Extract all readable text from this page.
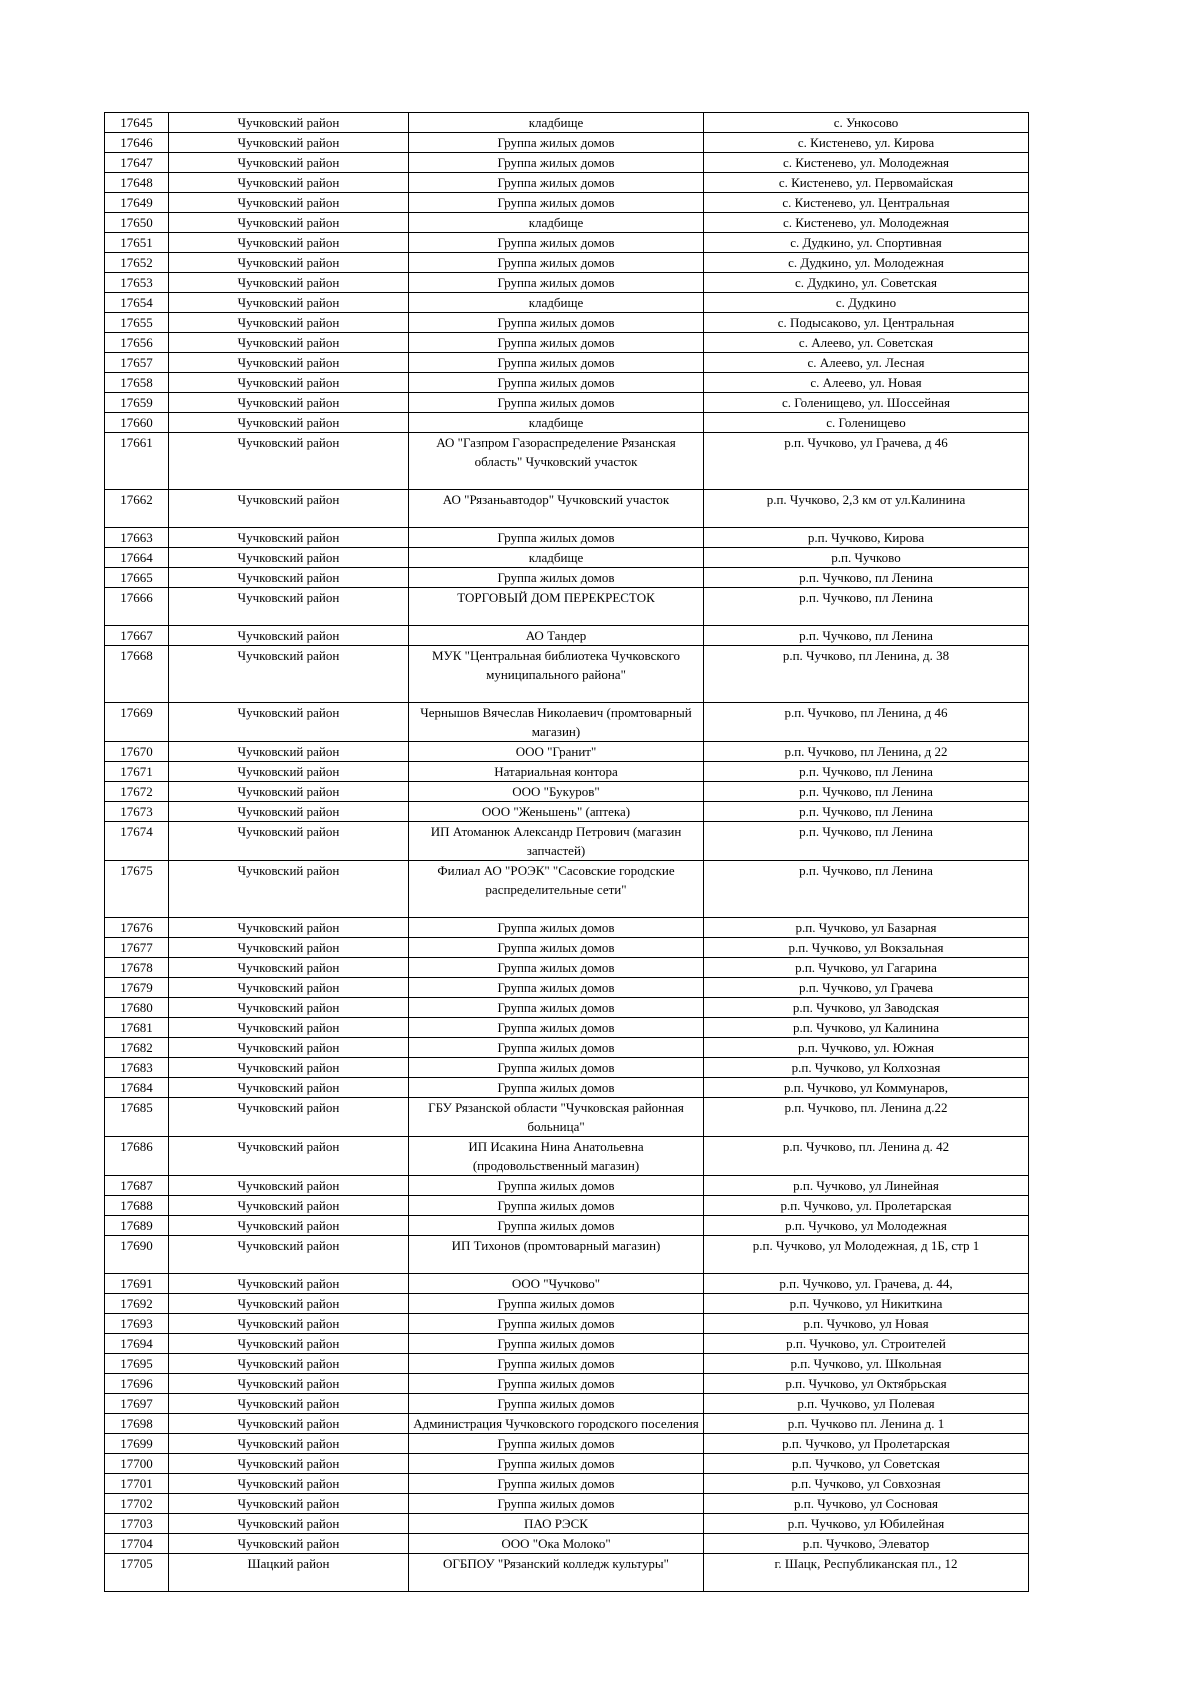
17645	Чучковский район	кладбище	с. Ункосово
17646	Чучковский район	Группа жилых домов	с. Кистенево, ул. Кирова
17647	Чучковский район	Группа жилых домов	с. Кистенево, ул. Молодежная
17648	Чучковский район	Группа жилых домов	с. Кистенево, ул. Первомайская
17649	Чучковский район	Группа жилых домов	с. Кистенево, ул. Центральная
17650	Чучковский район	кладбище	с. Кистенево, ул. Молодежная
17651	Чучковский район	Группа жилых домов	с. Дудкино, ул. Спортивная
17652	Чучковский район	Группа жилых домов	с. Дудкино, ул. Молодежная
17653	Чучковский район	Группа жилых домов	с. Дудкино, ул. Советская
17654	Чучковский район	кладбище	с. Дудкино
17655	Чучковский район	Группа жилых домов	с. Подысаково, ул. Центральная
17656	Чучковский район	Группа жилых домов	с. Алеево, ул. Советская
17657	Чучковский район	Группа жилых домов	с. Алеево, ул. Лесная
17658	Чучковский район	Группа жилых домов	с. Алеево, ул. Новая
17659	Чучковский район	Группа жилых домов	с. Голенищево, ул. Шоссейная
17660	Чучковский район	кладбище	с. Голенищево
17661	Чучковский район	АО "Газпром Газораспределение Рязанская область" Чучковский участок	р.п. Чучково, ул Грачева, д 46
17662	Чучковский район	АО "Рязаньавтодор" Чучковский участок	р.п. Чучково, 2,3 км от ул.Калинина
17663	Чучковский район	Группа жилых домов	р.п. Чучково, Кирова
17664	Чучковский район	кладбище	р.п. Чучково
17665	Чучковский район	Группа жилых домов	р.п. Чучково, пл Ленина
17666	Чучковский район	ТОРГОВЫЙ ДОМ ПЕРЕКРЕСТОК	р.п. Чучково, пл Ленина
17667	Чучковский район	АО Тандер	р.п. Чучково, пл Ленина
17668	Чучковский район	МУК "Центральная библиотека Чучковского муниципального района"	р.п. Чучково, пл Ленина, д. 38
17669	Чучковский район	Чернышов Вячеслав Николаевич (промтоварный магазин)	р.п. Чучково, пл Ленина, д 46
17670	Чучковский район	ООО "Гранит"	р.п. Чучково, пл Ленина, д 22
17671	Чучковский район	Натариальная контора	р.п. Чучково, пл Ленина
17672	Чучковский район	ООО "Букуров"	р.п. Чучково, пл Ленина
17673	Чучковский район	ООО "Женьшень" (аптека)	р.п. Чучково, пл Ленина
17674	Чучковский район	ИП Атоманюк Александр Петрович (магазин запчастей)	р.п. Чучково, пл Ленина
17675	Чучковский район	Филиал АО "РОЭК" "Сасовские городские распределительные сети"	р.п. Чучково, пл Ленина
17676	Чучковский район	Группа жилых домов	р.п. Чучково, ул Базарная
17677	Чучковский район	Группа жилых домов	р.п. Чучково, ул Вокзальная
17678	Чучковский район	Группа жилых домов	р.п. Чучково, ул Гагарина
17679	Чучковский район	Группа жилых домов	р.п. Чучково, ул Грачева
17680	Чучковский район	Группа жилых домов	р.п. Чучково, ул Заводская
17681	Чучковский район	Группа жилых домов	р.п. Чучково, ул Калинина
17682	Чучковский район	Группа жилых домов	р.п. Чучково, ул. Южная
17683	Чучковский район	Группа жилых домов	р.п. Чучково, ул Колхозная
17684	Чучковский район	Группа жилых домов	р.п. Чучково, ул Коммунаров,
17685	Чучковский район	ГБУ Рязанской области "Чучковская районная больница"	р.п. Чучково, пл. Ленина д.22
17686	Чучковский район	ИП Исакина Нина Анатольевна (продовольственный магазин)	р.п. Чучково, пл. Ленина д. 42
17687	Чучковский район	Группа жилых домов	р.п. Чучково, ул Линейная
17688	Чучковский район	Группа жилых домов	р.п. Чучково, ул. Пролетарская
17689	Чучковский район	Группа жилых домов	р.п. Чучково, ул Молодежная
17690	Чучковский район	ИП Тихонов (промтоварный магазин)	р.п. Чучково, ул Молодежная, д 1Б, стр 1
17691	Чучковский район	ООО "Чучково"	р.п. Чучково, ул. Грачева, д. 44,
17692	Чучковский район	Группа жилых домов	р.п. Чучково, ул Никиткина
17693	Чучковский район	Группа жилых домов	р.п. Чучково, ул Новая
17694	Чучковский район	Группа жилых домов	р.п. Чучково, ул. Строителей
17695	Чучковский район	Группа жилых домов	р.п. Чучково, ул. Школьная
17696	Чучковский район	Группа жилых домов	р.п. Чучково, ул Октябрьская
17697	Чучковский район	Группа жилых домов	р.п. Чучково, ул Полевая
17698	Чучковский район	Администрация Чучковского городского поселения	р.п. Чучково пл. Ленина д. 1
17699	Чучковский район	Группа жилых домов	р.п. Чучково, ул Пролетарская
17700	Чучковский район	Группа жилых домов	р.п. Чучково, ул Советская
17701	Чучковский район	Группа жилых домов	р.п. Чучково, ул Совхозная
17702	Чучковский район	Группа жилых домов	р.п. Чучково, ул Сосновая
17703	Чучковский район	ПАО РЭСК	р.п. Чучково, ул Юбилейная
17704	Чучковский район	ООО "Ока Молоко"	р.п. Чучково, Элеватор
17705	Шацкий район	ОГБПОУ "Рязанский колледж культуры"	г. Шацк, Республиканская пл., 12
